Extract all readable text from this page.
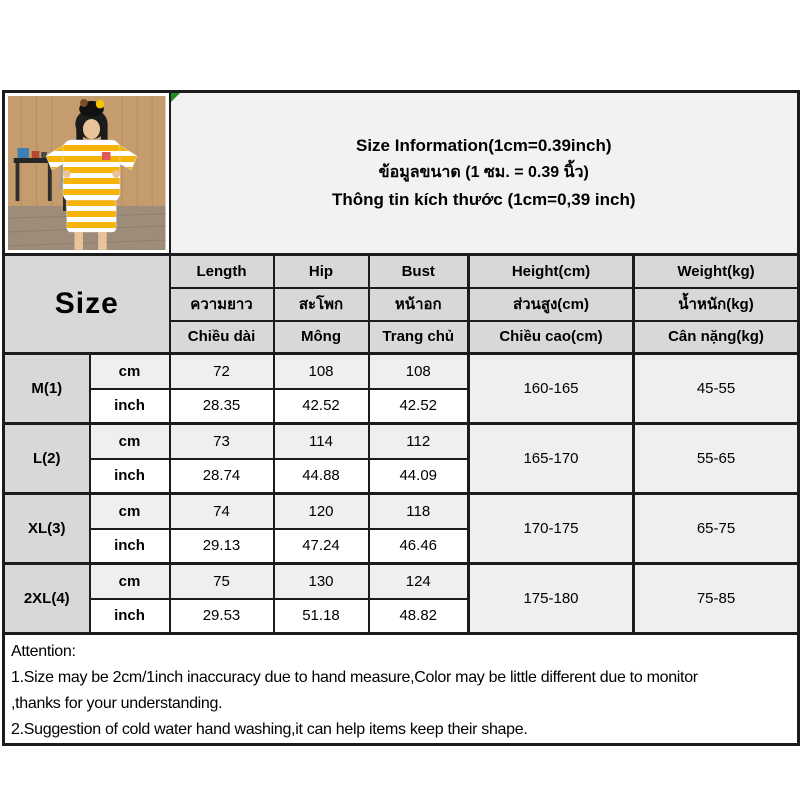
Size Information(1cm=0.39inch)
ข้อมูลขนาด (1 ซม. = 0.39 นิ้ว)
Thông tin kích thước (1cm=0,39 inch)				

Size		Length	Hip	Bust	Height(cm)	Weight(kg)
		ความยาว	สะโพก	หน้าอก	ส่วนสูง(cm)	น้ำหนัก(kg)
		Chiều dài	Mông	Trang chủ	Chiều cao(cm)	Cân nặng(kg)
M(1)	cm	72	108	108	160-165	45-55
	inch	28.35	42.52	42.52		
L(2)	cm	73	114	112	165-170	55-65
	inch	28.74	44.88	44.09		
XL(3)	cm	74	120	118	170-175	65-75
	inch	29.13	47.24	46.46		
2XL(4)	cm	75	130	124	175-180	75-85
	inch	29.53	51.18	48.82		

Attention:
1.Size may be 2cm/1inch inaccuracy due to hand measure,Color may be little different due to monitor
,thanks for your understanding.
2.Suggestion of cold water hand washing,it can help items keep their shape.						
